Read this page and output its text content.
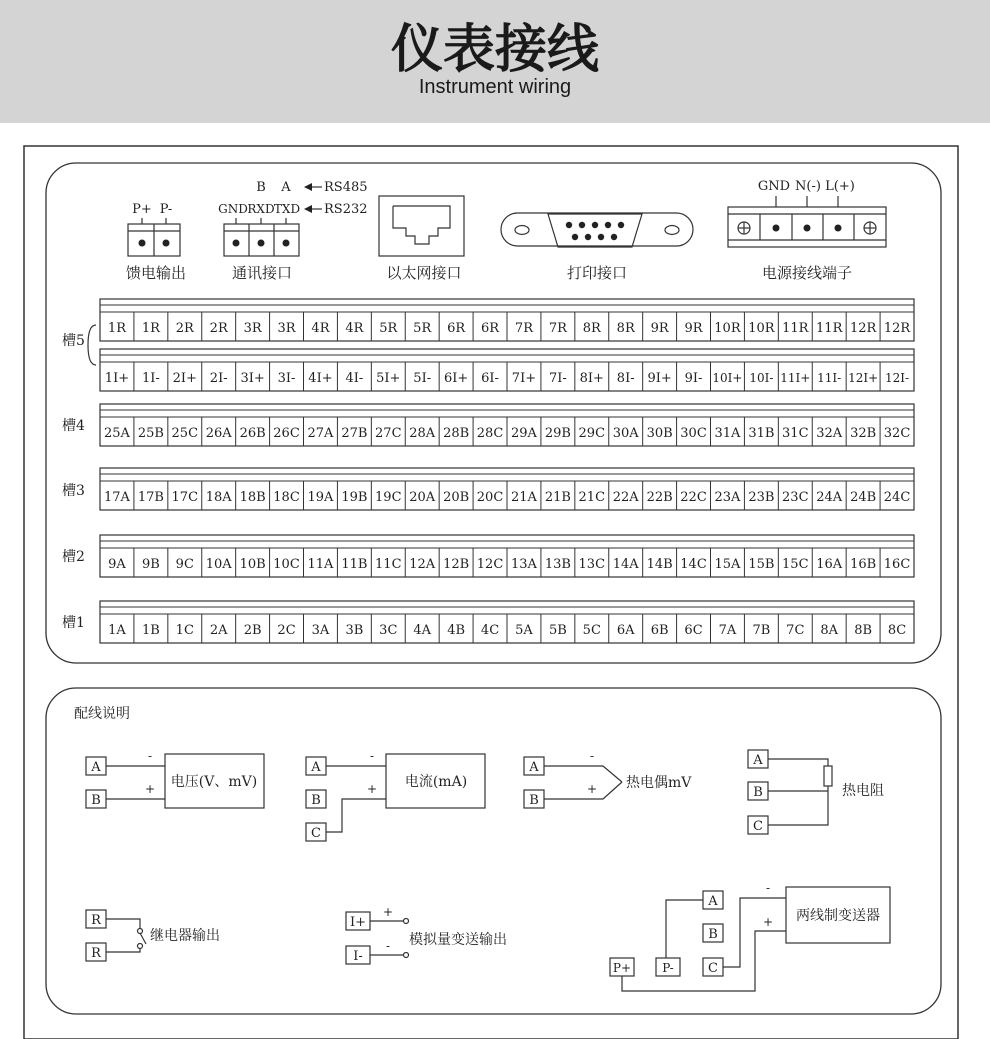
仪表接线
Instrument wiring
P+ P-
馈电输出
B A	RS485
GND RXD TXD RS232
通讯接口	以太网接口	打印接口
GND N(-) L(+)
电源接线端子
槽5
1R 1R 2R 2R 3R 3R 4R 4R 5R 5R 6R 6R 7R 7R 8R 8R 9R 9R 10R 10R 11R 11R 12R 12R
1I+ 1I- 2I+ 2I- 3I+ 3I- 4I+ 4I- 5I+ 5I- 6I+ 6I- 7I+ 7I- 8I+ 8I- 9I+ 9I- 10I+ 10I- 11I+ 11I- 12I+ 12I-
槽4 25A 25B 25C 26A 26B 26C 27A 27B 27C 28A 28B 28C 29A 29B 29C 30A 30B 30C 31A 31B 31C 32A 32B 32C
槽3 17A 17B 17C 18A 18B 18C 19A 19B 19C 20A 20B 20C 21A 21B 21C 22A 22B 22C 23A 23B 23C 24A 24B 24C
槽2 9A 9B 9C 10A 10B 10C 11A 11B 11C 12A 12B 12C 13A 13B 13C 14A 14B 14C 15A 15B 15C 16A 16B 16C
槽1 1A 1B 1C 2A 2B 2C 3A 3B 3C 4A 4B 4C 5A 5B 5C 6A 6B 6C 7A 7B 7C 8A 8B 8C
配线说明
A
B
-
+ 电压(V、mV)
A
B
C
-
+ 电流(mA)
A
B
-
+ 热电偶mV
A
B
C
热电阻
R
R
继电器输出
I+
I-
+
- 模拟量变送输出
A
B
C
P+	P-
两线制变送器
-
+
